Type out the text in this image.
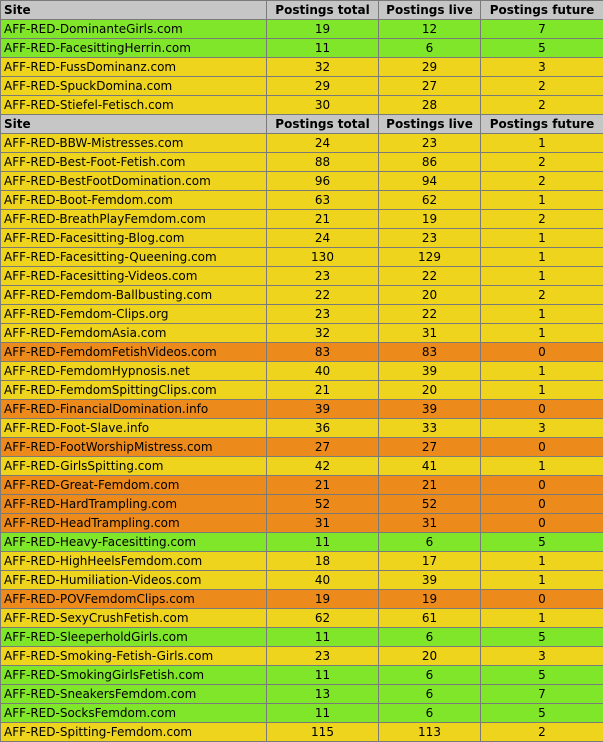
Site	Postings total	Postings live	Postings future
AFF-RED-DominanteGirls.com	19	12	7
AFF-RED-FacesittingHerrin.com	11	6	5
AFF-RED-FussDominanz.com	32	29	3
AFF-RED-SpuckDomina.com	29	27	2
AFF-RED-Stiefel-Fetisch.com	30	28	2
Site	Postings total	Postings live	Postings future
AFF-RED-BBW-Mistresses.com	24	23	1
AFF-RED-Best-Foot-Fetish.com	88	86	2
AFF-RED-BestFootDomination.com	96	94	2
AFF-RED-Boot-Femdom.com	63	62	1
AFF-RED-BreathPlayFemdom.com	21	19	2
AFF-RED-Facesitting-Blog.com	24	23	1
AFF-RED-Facesitting-Queening.com	130	129	1
AFF-RED-Facesitting-Videos.com	23	22	1
AFF-RED-Femdom-Ballbusting.com	22	20	2
AFF-RED-Femdom-Clips.org	23	22	1
AFF-RED-FemdomAsia.com	32	31	1
AFF-RED-FemdomFetishVideos.com	83	83	0
AFF-RED-FemdomHypnosis.net	40	39	1
AFF-RED-FemdomSpittingClips.com	21	20	1
AFF-RED-FinancialDomination.info	39	39	0
AFF-RED-Foot-Slave.info	36	33	3
AFF-RED-FootWorshipMistress.com	27	27	0
AFF-RED-GirlsSpitting.com	42	41	1
AFF-RED-Great-Femdom.com	21	21	0
AFF-RED-HardTrampling.com	52	52	0
AFF-RED-HeadTrampling.com	31	31	0
AFF-RED-Heavy-Facesitting.com	11	6	5
AFF-RED-HighHeelsFemdom.com	18	17	1
AFF-RED-Humiliation-Videos.com	40	39	1
AFF-RED-POVFemdomClips.com	19	19	0
AFF-RED-SexyCrushFetish.com	62	61	1
AFF-RED-SleeperholdGirls.com	11	6	5
AFF-RED-Smoking-Fetish-Girls.com	23	20	3
AFF-RED-SmokingGirlsFetish.com	11	6	5
AFF-RED-SneakersFemdom.com	13	6	7
AFF-RED-SocksFemdom.com	11	6	5
AFF-RED-Spitting-Femdom.com	115	113	2
